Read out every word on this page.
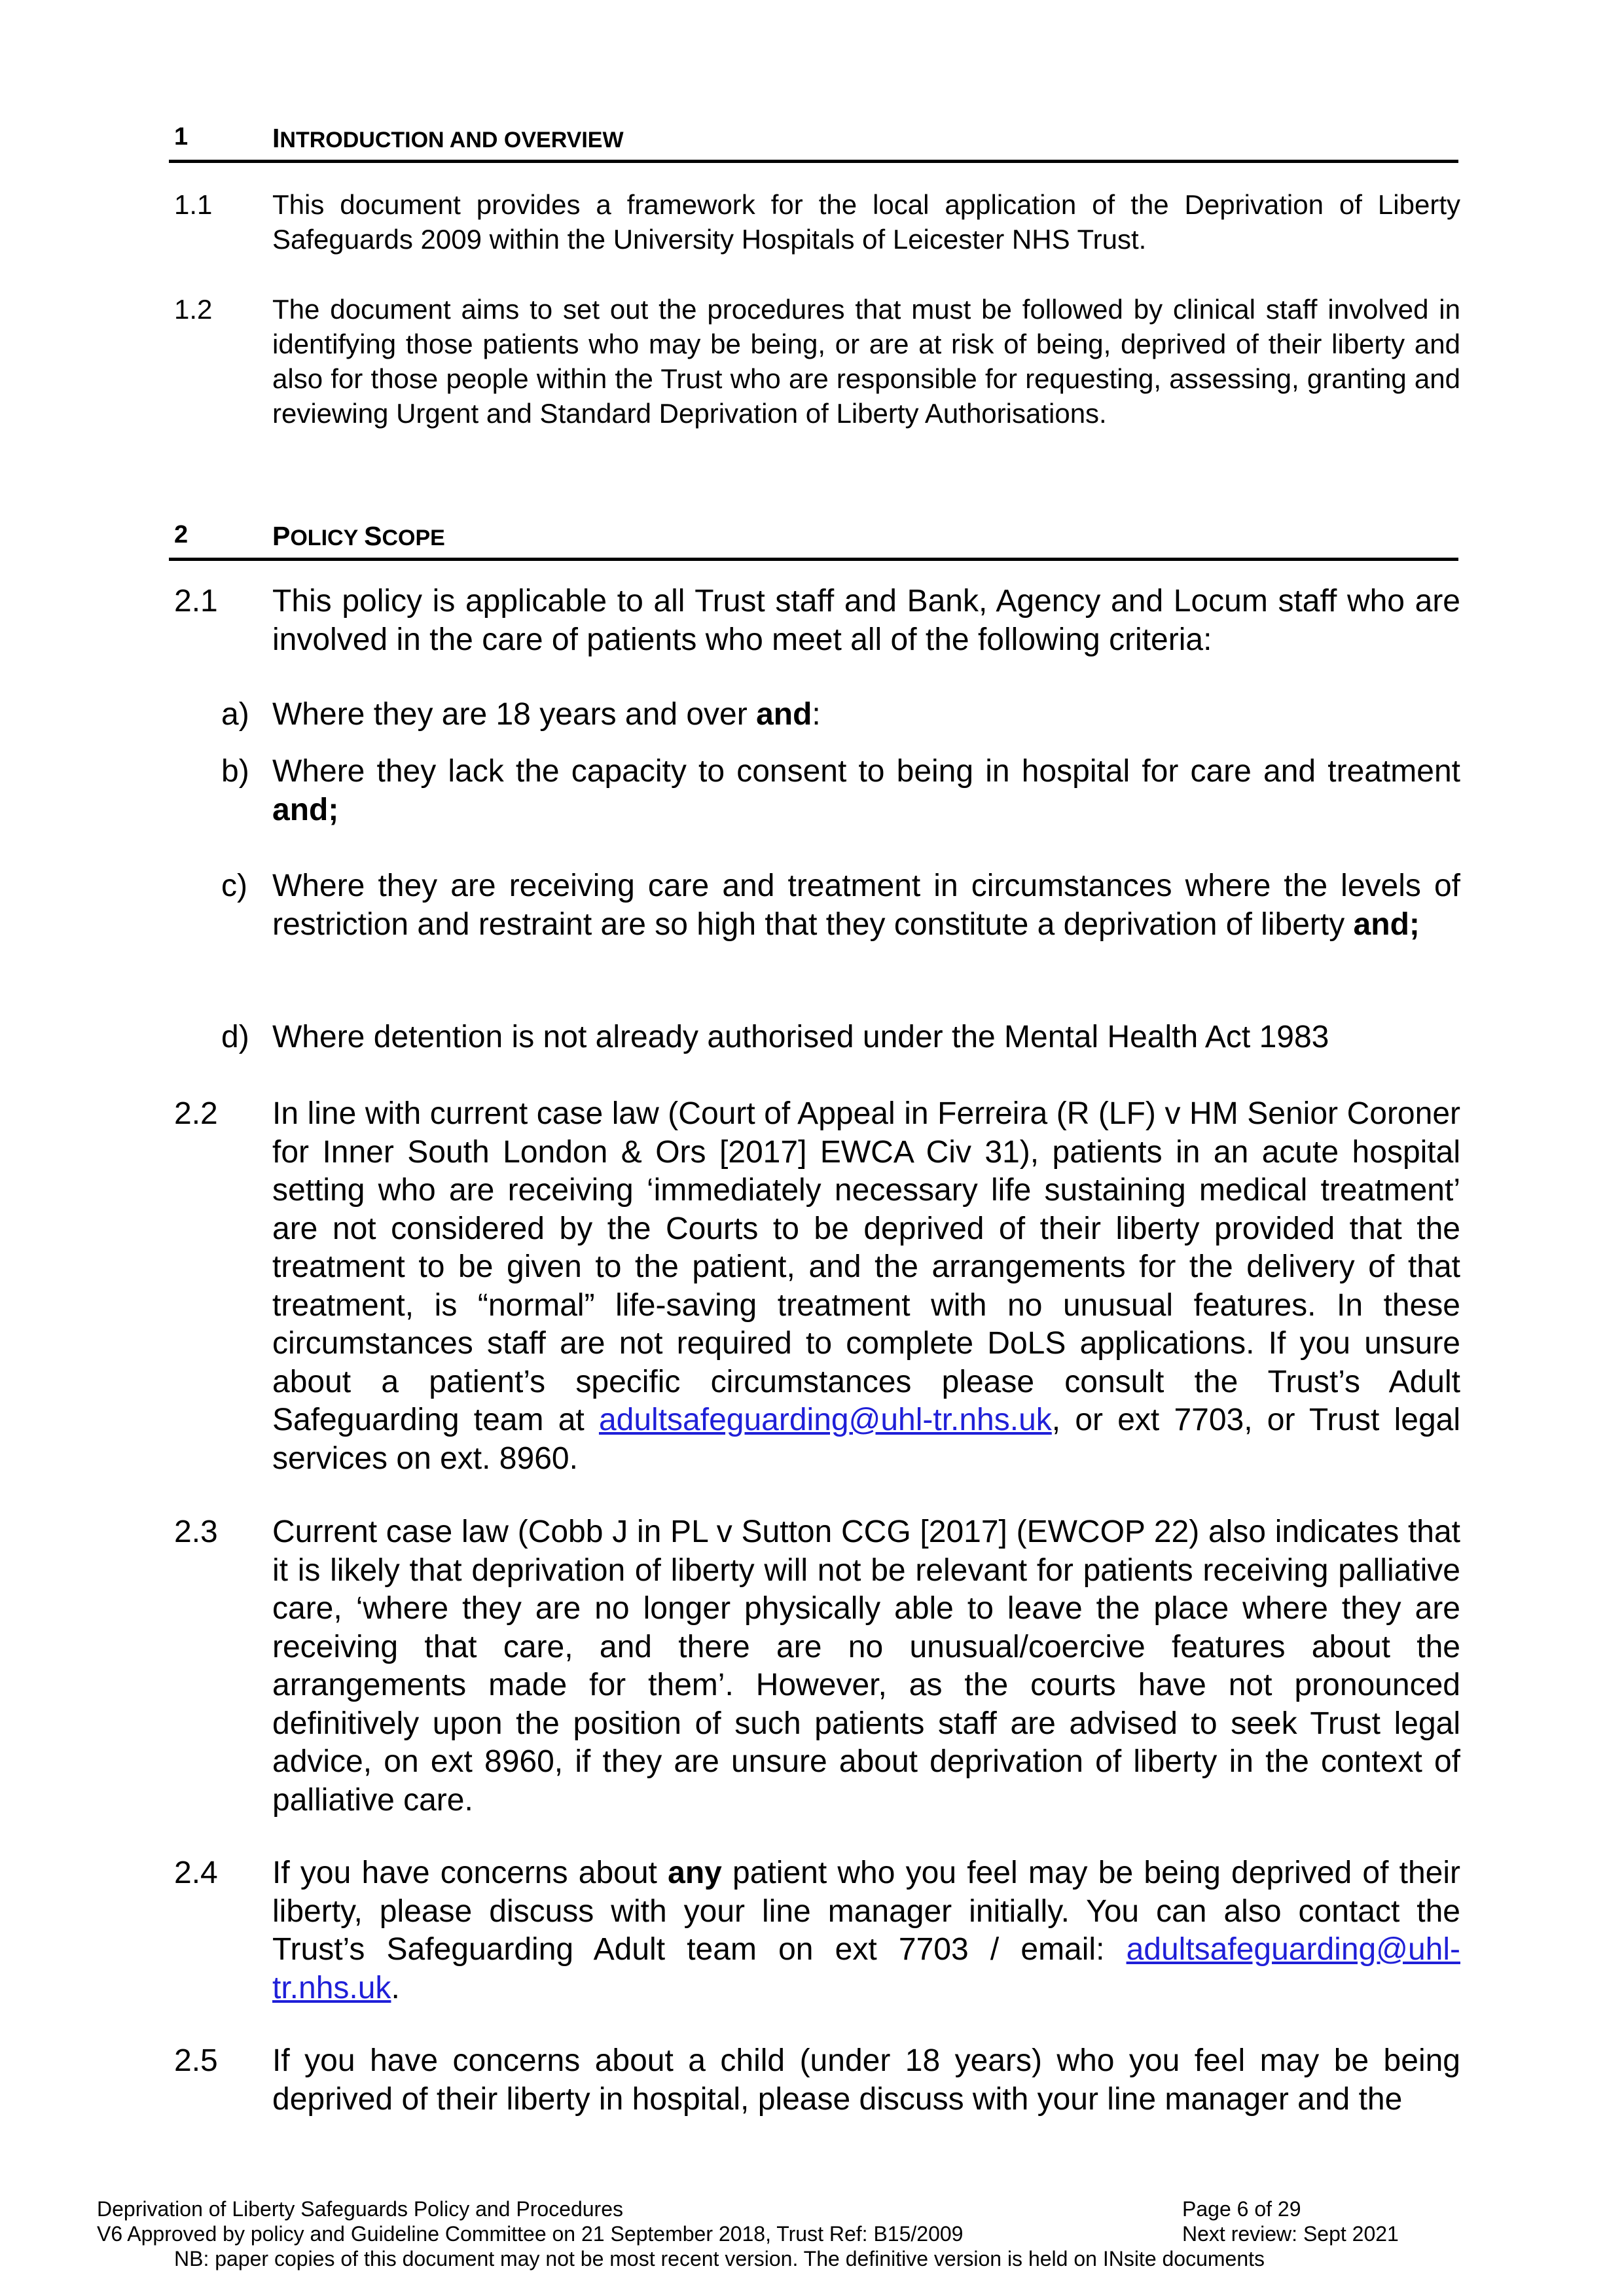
1	INTRODUCTION AND OVERVIEW
1.1 This document provides a framework for the local application of the Deprivation of Liberty Safeguards 2009 within the University Hospitals of Leicester NHS Trust.
1.2 The document aims to set out the procedures that must be followed by clinical staff involved in identifying those patients who may be being, or are at risk of being, deprived of their liberty and also for those people within the Trust who are responsible for requesting, assessing, granting and reviewing Urgent and Standard Deprivation of Liberty Authorisations.
2	POLICY SCOPE
2.1 This policy is applicable to all Trust staff and Bank, Agency and Locum staff who are involved in the care of patients who meet all of the following criteria:
a) Where they are 18 years and over and:
b) Where they lack the capacity to consent to being in hospital for care and treatment and;
c) Where they are receiving care and treatment in circumstances where the levels of restriction and restraint are so high that they constitute a deprivation of liberty and;
d) Where detention is not already authorised under the Mental Health Act 1983
2.2 In line with current case law (Court of Appeal in Ferreira (R (LF) v HM Senior Coroner for Inner South London & Ors [2017] EWCA Civ 31), patients in an acute hospital setting who are receiving ‘immediately necessary life sustaining medical treatment’ are not considered by the Courts to be deprived of their liberty provided that the treatment to be given to the patient, and the arrangements for the delivery of that treatment, is “normal” life-saving treatment with no unusual features. In these circumstances staff are not required to complete DoLS applications. If you unsure about a patient’s specific circumstances please consult the Trust’s Adult Safeguarding team at adultsafeguarding@uhl-tr.nhs.uk, or ext 7703, or Trust legal services on ext. 8960.
2.3 Current case law (Cobb J in PL v Sutton CCG [2017] (EWCOP 22) also indicates that it is likely that deprivation of liberty will not be relevant for patients receiving palliative care, ‘where they are no longer physically able to leave the place where they are receiving that care, and there are no unusual/coercive features about the arrangements made for them’. However, as the courts have not pronounced definitively upon the position of such patients staff are advised to seek Trust legal advice, on ext 8960, if they are unsure about deprivation of liberty in the context of palliative care.
2.4 If you have concerns about any patient who you feel may be being deprived of their liberty, please discuss with your line manager initially. You can also contact the Trust’s Safeguarding Adult team on ext 7703 / email: adultsafeguarding@uhl-tr.nhs.uk.
2.5 If you have concerns about a child (under 18 years) who you feel may be being deprived of their liberty in hospital, please discuss with your line manager and the
Deprivation of Liberty Safeguards Policy and Procedures	Page 6 of 29
V6 Approved by policy and Guideline Committee on 21 September 2018, Trust Ref: B15/2009	Next review: Sept 2021
NB: paper copies of this document may not be most recent version. The definitive version is held on INsite documents
